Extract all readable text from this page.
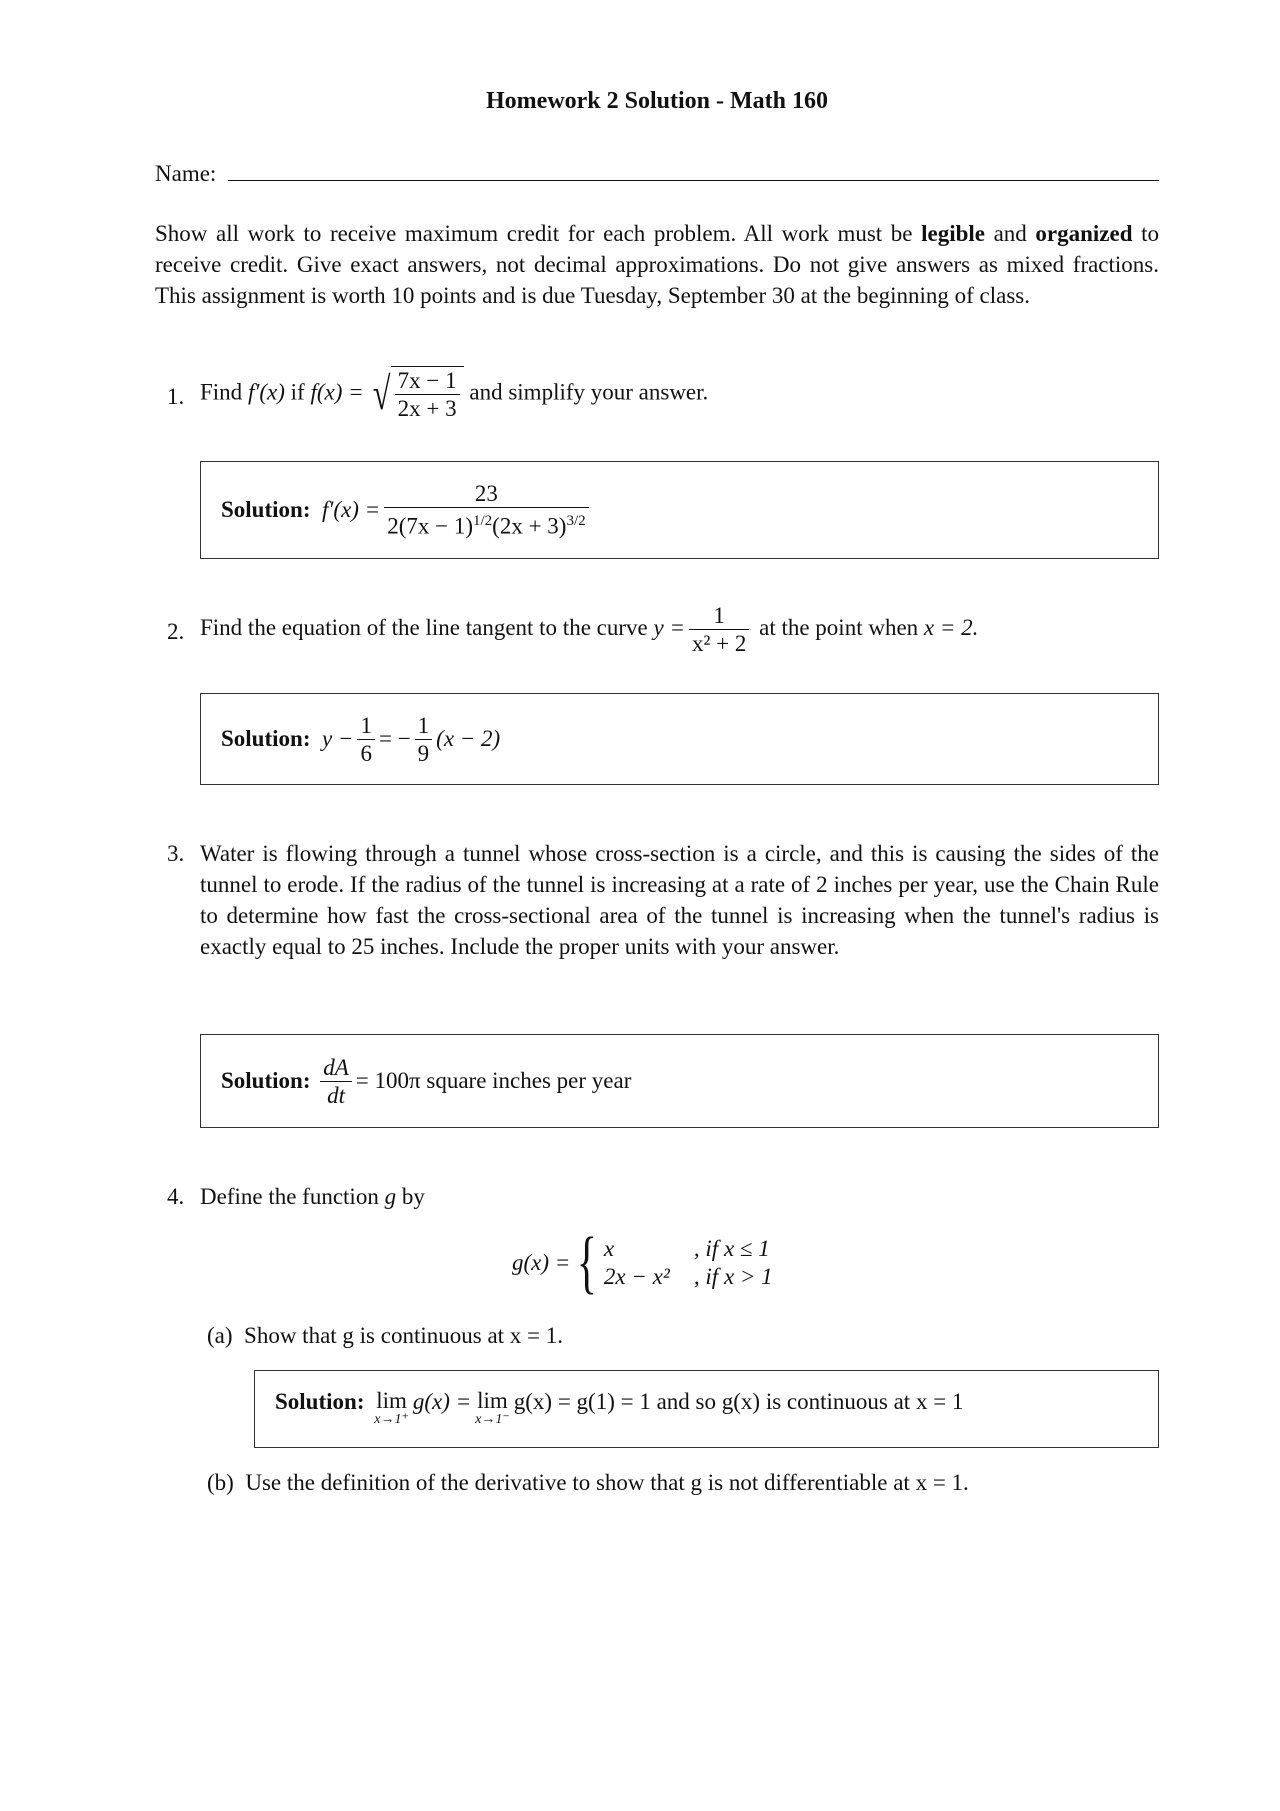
Homework 2 Solution - Math 160
Name:
Show all work to receive maximum credit for each problem. All work must be legible and organized to receive credit. Give exact answers, not decimal approximations. Do not give answers as mixed fractions. This assignment is worth 10 points and is due Tuesday, September 30 at the beginning of class.
1. Find f′(x) if f(x) = √ $\frac{7x - 1}{2x + 3}$ and simplify your answer.
Solution:
$f'(x) = \frac{23}{2(7x - 1)^{1/2}(2x + 3)^{3/2}}$
2. Find the equation of the line tangent to the curve $y = \frac{1}{\text{x² + 2}}$ at the point when x = 2.
Solution:
$y - \frac{1}{6}$ = − $\frac{1}{9} (x - 2)$
3. Water is flowing through a tunnel whose cross-section is a circle, and this is causing the sides of the tunnel to erode. If the radius of the tunnel is increasing at a rate of 2 inches per year, use the Chain Rule to determine how fast the cross-sectional area of the tunnel is increasing when the tunnel's radius is exactly equal to 25 inches. Include the proper units with your answer.
Solution:
$\frac{dA}{dt} = 100\pi$ square inches per year
4. Define the function g by
g(x) = { x	, if x ≤ 1
2x − x²	, if x > 1
(a) Show that g is continuous at x = 1.
Solution:
lim
x→1⁺
g(x) = lim
x→1⁻
g(x) = g(1) = 1 and so g(x) is continuous at x = 1
(b) Use the definition of the derivative to show that g is not differentiable at x = 1.
